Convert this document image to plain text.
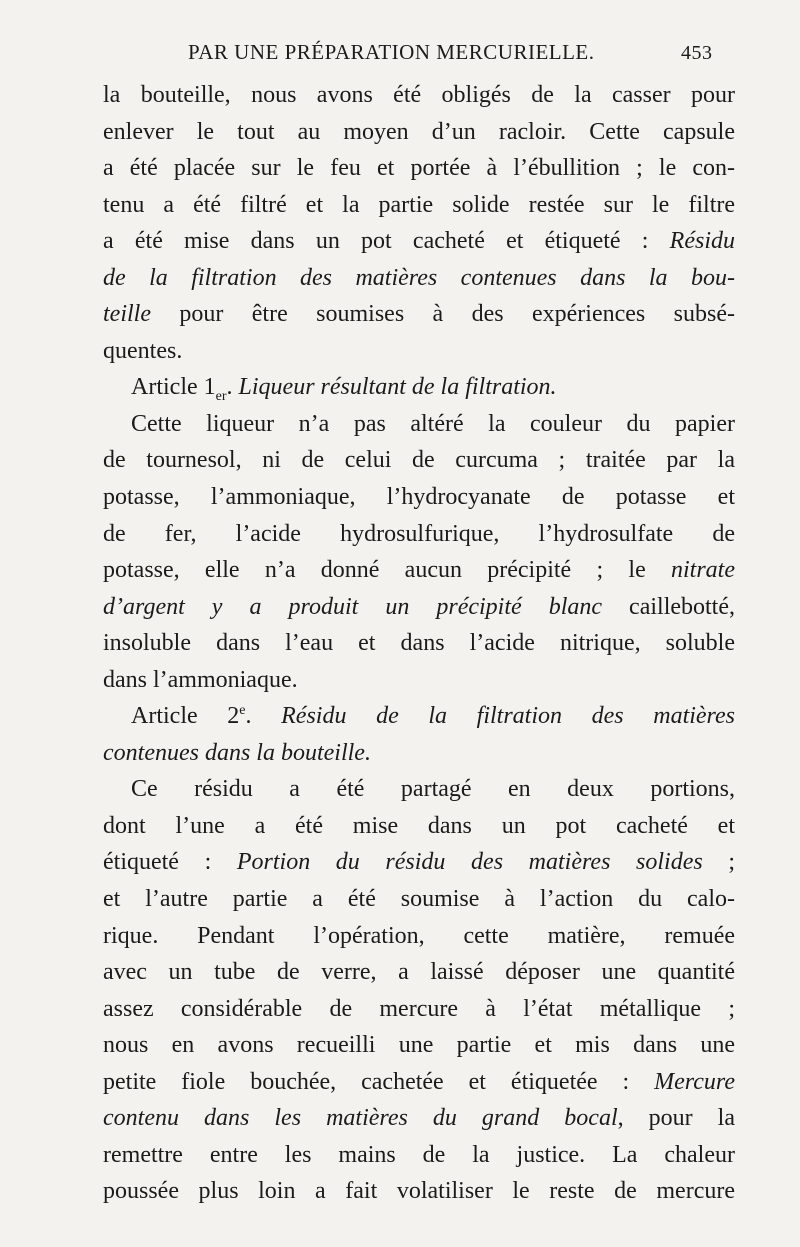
PAR UNE PRÉPARATION MERCURIELLE.	453
la bouteille, nous avons été obligés de la casser pour
enlever le tout au moyen d’un racloir. Cette capsule
a été placée sur le feu et portée à l’ébullition ; le con-
tenu a été filtré et la partie solide restée sur le filtre
a été mise dans un pot cacheté et étiqueté : Résidu
de la filtration des matières contenues dans la bou-
teille pour être soumises à des expériences subsé-
quentes.
Article $1_{er}$. Liqueur résultant de la filtration.
Cette liqueur n’a pas altéré la couleur du papier
de tournesol, ni de celui de curcuma ; traitée par la
potasse, l’ammoniaque, l’hydrocyanate de potasse et
de fer, l’acide hydrosulfurique, l’hydrosulfate de
potasse, elle n’a donné aucun précipité ; le nitrate
d’argent y a produit un précipité blanc caillebotté,
insoluble dans l’eau et dans l’acide nitrique, soluble
dans l’ammoniaque.
Article 2e. Résidu de la filtration des matières
contenues dans la bouteille.
Ce résidu a été partagé en deux portions,
dont l’une a été mise dans un pot cacheté et
étiqueté : Portion du résidu des matières solides ;
et l’autre partie a été soumise à l’action du calo-
rique. Pendant l’opération, cette matière, remuée
avec un tube de verre, a laissé déposer une quantité
assez considérable de mercure à l’état métallique ;
nous en avons recueilli une partie et mis dans une
petite fiole bouchée, cachetée et étiquetée : Mercure
contenu dans les matières du grand bocal, pour la
remettre entre les mains de la justice. La chaleur
poussée plus loin a fait volatiliser le reste de mercure
